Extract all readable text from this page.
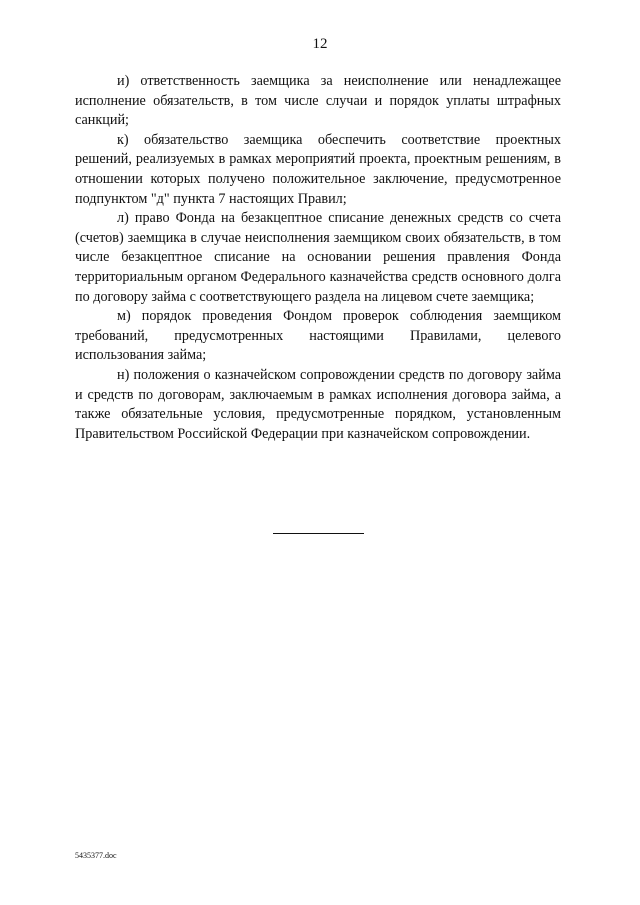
12

и) ответственность заемщика за неисполнение или ненадлежащее исполнение обязательств, в том числе случаи и порядок уплаты штрафных санкций;

к) обязательство заемщика обеспечить соответствие проектных решений, реализуемых в рамках мероприятий проекта, проектным решениям, в отношении которых получено положительное заключение, предусмотренное подпунктом "д" пункта 7 настоящих Правил;

л) право Фонда на безакцептное списание денежных средств со счета (счетов) заемщика в случае неисполнения заемщиком своих обязательств, в том числе безакцептное списание на основании решения правления Фонда территориальным органом Федерального казначейства средств основного долга по договору займа с соответствующего раздела на лицевом счете заемщика;

м) порядок проведения Фондом проверок соблюдения заемщиком требований, предусмотренных настоящими Правилами, целевого использования займа;

н) положения о казначейском сопровождении средств по договору займа и средств по договорам, заключаемым в рамках исполнения договора займа, а также обязательные условия, предусмотренные порядком, установленным Правительством Российской Федерации при казначейском сопровождении.

5435377.doc
